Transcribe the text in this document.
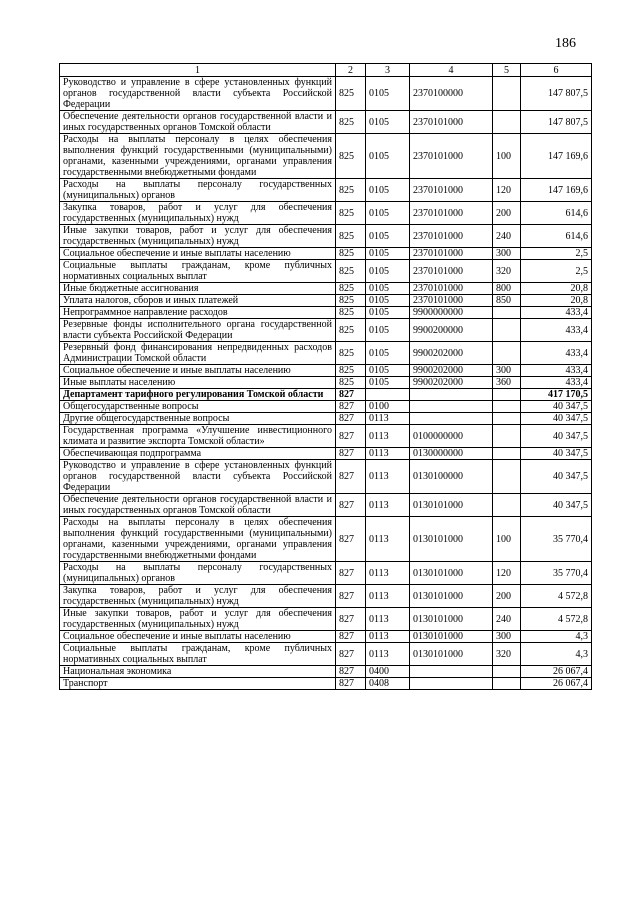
186
1	2	3	4	5	6
Руководство и управление в сфере установленных функций органов государственной власти субъекта Российской Федерации	825	0105	2370100000		147 807,5
Обеспечение деятельности органов государственной власти и иных государственных органов Томской области	825	0105	2370101000		147 807,5
Расходы на выплаты персоналу в целях обеспечения выполнения функций государственными (муниципальными) органами, казенными учреждениями, органами управления государственными внебюджетными фондами	825	0105	2370101000	100	147 169,6
Расходы на выплаты персоналу государственных (муниципальных) органов	825	0105	2370101000	120	147 169,6
Закупка товаров, работ и услуг для обеспечения государственных (муниципальных) нужд	825	0105	2370101000	200	614,6
Иные закупки товаров, работ и услуг для обеспечения государственных (муниципальных) нужд	825	0105	2370101000	240	614,6
Социальное обеспечение и иные выплаты населению	825	0105	2370101000	300	2,5
Социальные выплаты гражданам, кроме публичных нормативных социальных выплат	825	0105	2370101000	320	2,5
Иные бюджетные ассигнования	825	0105	2370101000	800	20,8
Уплата налогов, сборов и иных платежей	825	0105	2370101000	850	20,8
Непрограммное направление расходов	825	0105	9900000000		433,4
Резервные фонды исполнительного органа государственной власти субъекта Российской Федерации	825	0105	9900200000		433,4
Резервный фонд финансирования непредвиденных расходов Администрации Томской области	825	0105	9900202000		433,4
Социальное обеспечение и иные выплаты населению	825	0105	9900202000	300	433,4
Иные выплаты населению	825	0105	9900202000	360	433,4
Департамент тарифного регулирования Томской области	827				417 170,5
Общегосударственные вопросы	827	0100			40 347,5
Другие общегосударственные вопросы	827	0113			40 347,5
Государственная программа «Улучшение инвестиционного климата и развитие экспорта Томской области»	827	0113	0100000000		40 347,5
Обеспечивающая подпрограмма	827	0113	0130000000		40 347,5
Руководство и управление в сфере установленных функций органов государственной власти субъекта Российской Федерации	827	0113	0130100000		40 347,5
Обеспечение деятельности органов государственной власти и иных государственных органов Томской области	827	0113	0130101000		40 347,5
Расходы на выплаты персоналу в целях обеспечения выполнения функций государственными (муниципальными) органами, казенными учреждениями, органами управления государственными внебюджетными фондами	827	0113	0130101000	100	35 770,4
Расходы на выплаты персоналу государственных (муниципальных) органов	827	0113	0130101000	120	35 770,4
Закупка товаров, работ и услуг для обеспечения государственных (муниципальных) нужд	827	0113	0130101000	200	4 572,8
Иные закупки товаров, работ и услуг для обеспечения государственных (муниципальных) нужд	827	0113	0130101000	240	4 572,8
Социальное обеспечение и иные выплаты населению	827	0113	0130101000	300	4,3
Социальные выплаты гражданам, кроме публичных нормативных социальных выплат	827	0113	0130101000	320	4,3
Национальная экономика	827	0400			26 067,4
Транспорт	827	0408			26 067,4
